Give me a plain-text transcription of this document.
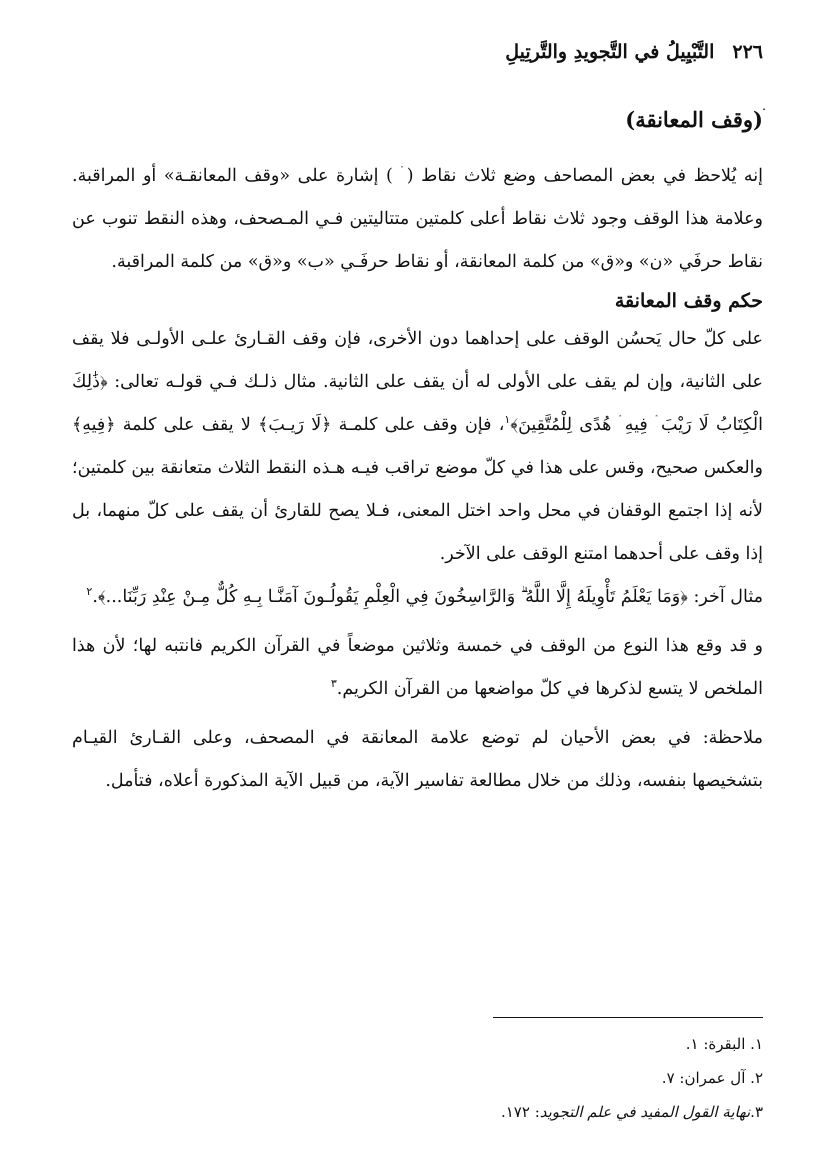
٢٢٦
التَّبْيِيلُ في التَّجويدِ والتَّرتِيلِ
(وقف المعانقة)

إنه يُلاحظ في بعض المصاحف وضع ثلاث نقاط ( ۛ ) إشارة على «وقف المعانقـة» أو المراقبة. وعلامة هذا الوقف وجود ثلاث نقاط أعلى كلمتين متتاليتين فـي المـصحف، وهذه النقط تنوب عن نقاط حرفَي «ن» و«ق» من كلمة المعانقة، أو نقاط حرفَـي «ب» و«ق» من كلمة المراقبة.

حكم وقف المعانقة

على كلّ حال يَحسُن الوقف على إحداهما دون الأخرى، فإن وقف القـارئ علـى الأولـى فلا يقف على الثانية، وإن لم يقف على الأولى له أن يقف على الثانية. مثال ذلـك فـي قولـه تعالى: ﴿ذَٰلِكَ الْكِتَابُ لَا رَيْبَ ۛ فِيهِ ۛ هُدًى لِلْمُتَّقِينَ﴾$^١$، فإن وقف على كلمـة ﴿لَا رَيـبَ﴾ لا يقف على كلمة ﴿فِيهِ﴾ والعكس صحيح، وقس على هذا في كلّ موضع تراقب فيـه هـذه النقط الثلاث متعانقة بين كلمتين؛ لأنه إذا اجتمع الوقفان في محل واحد اختل المعنى، فـلا يصح للقارئ أن يقف على كلّ منهما، بل إذا وقف على أحدهما امتنع الوقف على الآخر.

مثال آخر: ﴿وَمَا يَعْلَمُ تَأْوِيلَهُ إِلَّا اللَّهُ ۗ وَالرَّاسِخُونَ فِي الْعِلْمِ يَقُولُـونَ آمَنَّـا بِـهِ كُلٌّ مِـنْ عِنْدِ رَبِّنَا...﴾.$^٢$

و قد وقع هذا النوع من الوقف في خمسة وثلاثين موضعاً في القرآن الكريم فانتبه لها؛ لأن هذا الملخص لا يتسع لذكرها في كلّ مواضعها من القرآن الكريم.$^٣$

ملاحظة: في بعض الأحيان لم توضع علامة المعانقة في المصحف، وعلى القـارئ القيـام بتشخيصها بنفسه، وذلك من خلال مطالعة تفاسير الآية، من قبيل الآية المذكورة أعلاه، فتأمل.

١. البقرة: ١.
٢. آل عمران: ٧.
٣.نهاية القول المفيد في علم التجويد: ١٧٢.
